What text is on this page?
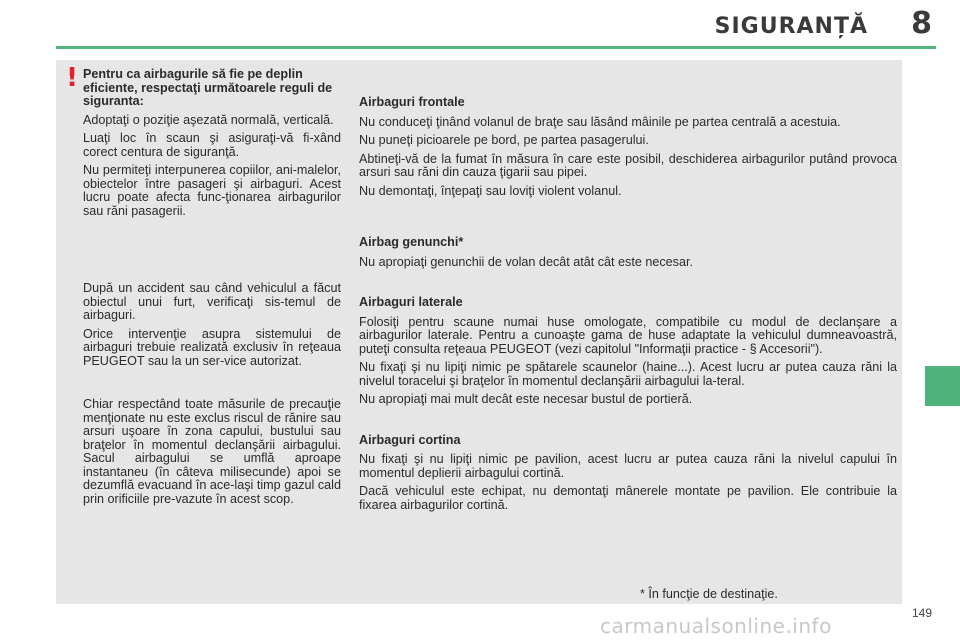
SIGURANȚĂ 8
! Pentru ca airbagurile să fie pe deplin eficiente, respectaţi următoarele reguli de siguranta:

Adoptaţi o poziţie aşezată normală, verticală.

Luaţi loc în scaun şi asiguraţi-vă fi-xând corect centura de siguranţă.

Nu permiteţi interpunerea copiilor, ani-malelor, obiectelor între pasageri şi airbaguri. Acest lucru poate afecta func-ţionarea airbagurilor sau răni pasagerii.

După un accident sau când vehiculul a făcut obiectul unui furt, verificaţi sis-temul de airbaguri.

Orice intervenţie asupra sistemului de airbaguri trebuie realizată exclusiv în reţeaua PEUGEOT sau la un ser-vice autorizat.

Chiar respectând toate măsurile de precauţie menţionate nu este exclus riscul de rănire sau arsuri uşoare în zona capului, bustului sau braţelor în momentul declanşării airbagului. Sacul airbagului se umflă aproape instantaneu (în câteva milisecunde) apoi se dezumflă evacuand în ace-laşi timp gazul cald prin orificiile pre-vazute în acest scop.

Airbaguri frontale

Nu conduceţi ţinând volanul de braţe sau lăsând mâinile pe partea centrală a acestuia.

Nu puneţi picioarele pe bord, pe partea pasagerului.

Abtineţi-vă de la fumat în măsura în care este posibil, deschiderea airbagurilor putând provoca arsuri sau răni din cauza ţigarii sau pipei.

Nu demontaţi, înţepaţi sau loviţi violent volanul.

Airbag genunchi*

Nu apropiaţi genunchii de volan decât atât cât este necesar.

Airbaguri laterale

Folosiţi pentru scaune numai huse omologate, compatibile cu modul de declanşare a airbagurilor laterale. Pentru a cunoaşte gama de huse adaptate la vehiculul dumneavoastră, puteţi consulta reţeaua PEUGEOT (vezi capitolul "Informaţii practice - § Accesorii").

Nu fixaţi şi nu lipiţi nimic pe spătarele scaunelor (haine...). Acest lucru ar putea cauza răni la nivelul toracelui şi braţelor în momentul declanşării airbagului la-teral.

Nu apropiaţi mai mult decât este necesar bustul de portieră.

Airbaguri cortina

Nu fixaţi şi nu lipiţi nimic pe pavilion, acest lucru ar putea cauza răni la nivelul capului în momentul deplierii airbagului cortină.

Dacă vehiculul este echipat, nu demontaţi mânerele montate pe pavilion. Ele contribuie la fixarea airbagurilor cortină.

* În funcţie de destinaţie.
149
carmanualsonline.info
